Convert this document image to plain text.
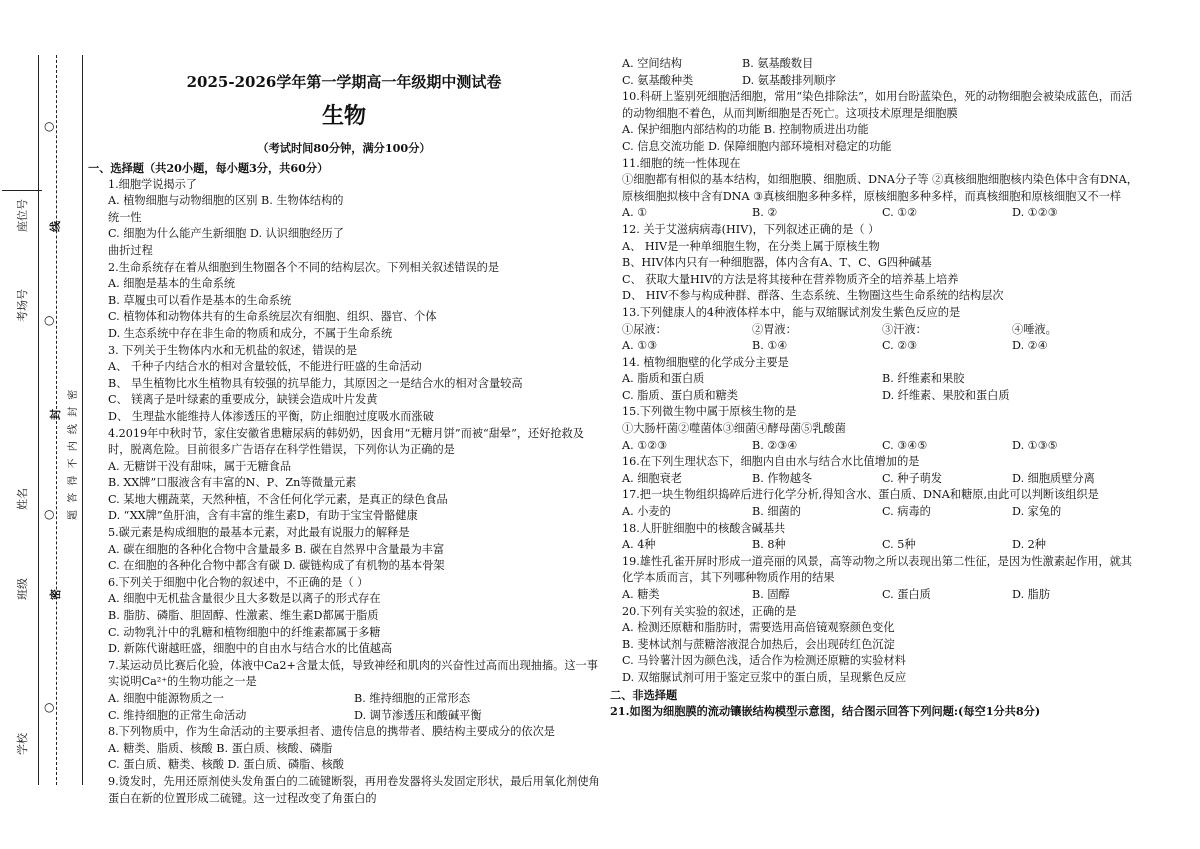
○
○
○
○
座位号
考场号
姓名
班级
学校
线
题 答 得 不 内 线 封 密
封
密
2025-2026学年第一学期高一年级期中测试卷
生物
（考试时间80分钟，满分100分）
一、选择题（共20小题，每小题3分，共60分）
1.细胞学说揭示了
A. 植物细胞与动物细胞的区别 B. 生物体结构的统一性
C. 细胞为什么能产生新细胞 D. 认识细胞经历了曲折过程
2.生命系统存在着从细胞到生物圈各个不同的结构层次。下列相关叙述错误的是
A. 细胞是基本的生命系统
B. 草履虫可以看作是基本的生命系统
C. 植物体和动物体共有的生命系统层次有细胞、组织、器官、个体
D. 生态系统中存在非生命的物质和成分，不属于生命系统
3. 下列关于生物体内水和无机盐的叙述，错误的是
A、 千种子内结合水的相对含量较低，不能进行旺盛的生命活动
B、 旱生植物比水生植物具有较强的抗旱能力，其原因之一是结合水的相对含量较高
C、 镁离子是叶绿素的重要成分，缺镁会造成叶片发黄
D、 生理盐水能维持人体渗透压的平衡，防止细胞过度吸水而涨破
4.2019年中秋时节，家住安徽省患糖尿病的韩奶奶，因食用“无糖月饼”而被“甜晕”，还好抢救及时，脱离危险。目前很多广告语存在科学性错误，下列你认为正确的是
A. 无糖饼干没有甜味，属于无糖食品
B. XX牌”口服液含有丰富的N、P、Zn等微量元素
C. 某地大棚蔬菜，天然种植，不含任何化学元素，是真正的绿色食品
D. “XX牌”鱼肝油，含有丰富的维生素D，有助于宝宝骨骼健康
5.碳元素是构成细胞的最基本元素，对此最有说服力的解释是
A. 碳在细胞的各种化合物中含量最多 B. 碳在自然界中含量最为丰富
C. 在细胞的各种化合物中都含有碳 D. 碳链构成了有机物的基本骨架
6.下列关于细胞中化合物的叙述中，不正确的是（ ）
A. 细胞中无机盐含量很少且大多数是以离子的形式存在
B. 脂肪、磷脂、胆固醇、性激素、维生素D都属于脂质
C. 动物乳汁中的乳糖和植物细胞中的纤维素都属于多糖
D. 新陈代谢越旺盛，细胞中的自由水与结合水的比值越高
7.某运动员比赛后化验，体液中Ca2+含量太低，导致神经和肌肉的兴奋性过高而出现抽搐。这一事实说明Ca²⁺的生物功能之一是
A. 细胞中能源物质之一	B. 维持细胞的正常形态
C. 维持细胞的正常生命活动	D. 调节渗透压和酸碱平衡
8.下列物质中，作为生命活动的主要承担者、遗传信息的携带者、膜结构主要成分的依次是
A. 糖类、脂质、核酸 B. 蛋白质、核酸、磷脂
C. 蛋白质、糖类、核酸 D. 蛋白质、磷脂、核酸
9.烫发时，先用还原剂使头发角蛋白的二硫键断裂，再用卷发器将头发固定形状，最后用氧化剂使角蛋白在新的位置形成二硫键。这一过程改变了角蛋白的
A. 空间结构	B. 氨基酸数目
C. 氨基酸种类	D. 氨基酸排列顺序
10.科研上鉴别死细胞活细胞，常用“染色排除法”，如用台盼蓝染色，死的动物细胞会被染成蓝色，而活的动物细胞不着色，从而判断细胞是否死亡。这项技术原理是细胞膜
A. 保护细胞内部结构的功能 B. 控制物质进出功能
C. 信息交流功能 D. 保障细胞内部环境相对稳定的功能
11.细胞的统一性体现在
①细胞都有相似的基本结构，如细胞膜、细胞质、DNA分子等 ②真核细胞细胞核内染色体中含有DNA，原核细胞拟核中含有DNA ③真核细胞多种多样，原核细胞多种多样，而真核细胞和原核细胞又不一样
A. ①	B. ②	C. ①②	D. ①②③
12. 关于艾滋病病毒(HIV)，下列叙述正确的是（ ）
A、 HIV是一种单细胞生物，在分类上属于原核生物
B、HIV体内只有一种细胞器，体内含有A、T、C、G四种碱基
C、 获取大量HIV的方法是将其接种在营养物质齐全的培养基上培养
D、 HIV不参与构成种群、群落、生态系统、生物圈这些生命系统的结构层次
13.下列健康人的4种液体样本中，能与双缩脲试剂发生紫色反应的是
①尿液：	②胃液：	③汗液：	④唾液。
A. ①③	B. ①④	C. ②③	D. ②④
14. 植物细胞壁的化学成分主要是
A. 脂质和蛋白质	B. 纤维素和果胶
C. 脂质、蛋白质和糖类	D. 纤维素、果胶和蛋白质
15.下列微生物中属于原核生物的是
①大肠杆菌②噬菌体③细菌④酵母菌⑤乳酸菌
A. ①②③	B. ②③④	C. ③④⑤	D. ①③⑤
16.在下列生理状态下，细胞内自由水与结合水比值增加的是
A. 细胞衰老	B. 作物越冬	C. 种子萌发	D. 细胞质壁分离
17.把一块生物组织捣碎后进行化学分析,得知含水、蛋白质、DNA和糖原,由此可以判断该组织是
A. 小麦的	B. 细菌的	C. 病毒的	D. 家兔的
18.人肝脏细胞中的核酸含碱基共
A. 4种	B. 8种	C. 5种	D. 2种
19.雄性孔雀开屏时形成一道亮丽的风景，高等动物之所以表现出第二性征，是因为性激素起作用，就其化学本质而言，其下列哪种物质作用的结果
A. 糖类	B. 固醇	C. 蛋白质	D. 脂肪
20.下列有关实验的叙述，正确的是
A. 检测还原糖和脂肪时，需要选用高倍镜观察颜色变化
B. 斐林试剂与蔗糖溶液混合加热后，会出现砖红色沉淀
C. 马铃薯汁因为颜色浅，适合作为检测还原糖的实验材料
D. 双缩脲试剂可用于鉴定豆浆中的蛋白质，呈现紫色反应
二、非选择题
21.如图为细胞膜的流动镶嵌结构模型示意图，结合图示回答下列问题:(每空1分共8分)
